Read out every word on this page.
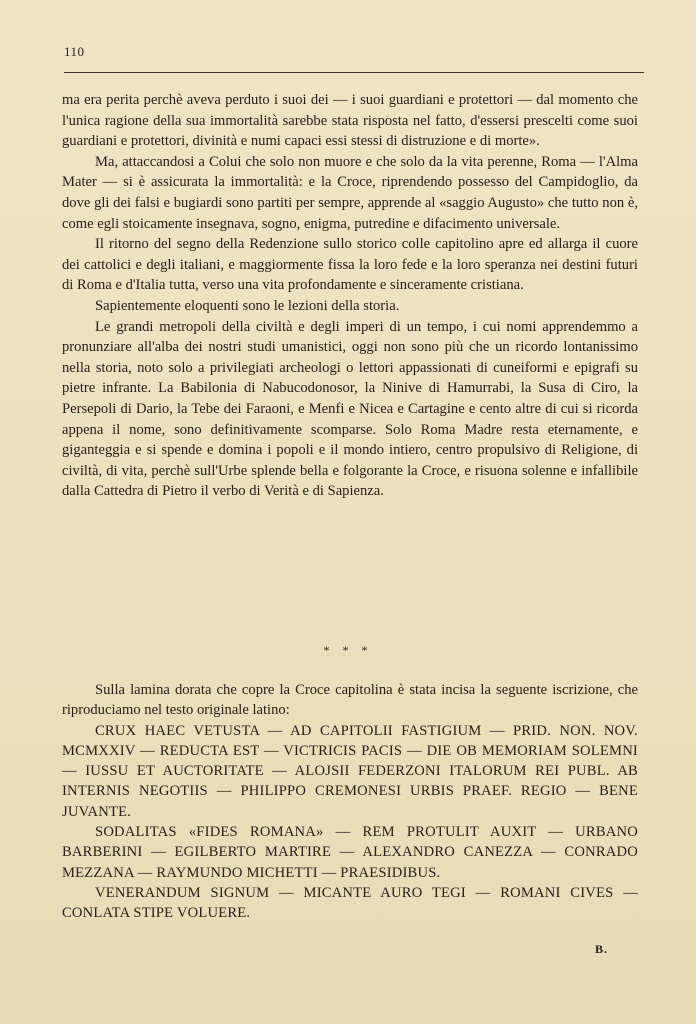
110

ma era perita perchè aveva perduto i suoi dei — i suoi guardiani e protettori — dal momento che l'unica ragione della sua immortalità sarebbe stata risposta nel fatto, d'essersi prescelti come suoi guardiani e protettori, divinità e numi capaci essi stessi di distruzione e di morte».

Ma, attaccandosi a Colui che solo non muore e che solo da la vita perenne, Roma — l'Alma Mater — si è assicurata la immortalità: e la Croce, riprendendo possesso del Campidoglio, da dove gli dei falsi e bugiardi sono partiti per sempre, apprende al «saggio Augusto» che tutto non è, come egli stoicamente insegnava, sogno, enigma, putredine e difacimento universale.

Il ritorno del segno della Redenzione sullo storico colle capitolino apre ed allarga il cuore dei cattolici e degli italiani, e maggiormente fissa la loro fede e la loro speranza nei destini futuri di Roma e d'Italia tutta, verso una vita profondamente e sinceramente cristiana.

Sapientemente eloquenti sono le lezioni della storia.

Le grandi metropoli della civiltà e degli imperi di un tempo, i cui nomi apprendemmo a pronunziare all'alba dei nostri studi umanistici, oggi non sono più che un ricordo lontanissimo nella storia, noto solo a privilegiati archeologi o lettori appassionati di cuneiformi e epigrafi su pietre infrante. La Babilonia di Nabucodonosor, la Ninive di Hamurrabi, la Susa di Ciro, la Persepoli di Dario, la Tebe dei Faraoni, e Menfi e Nicea e Cartagine e cento altre di cui si ricorda appena il nome, sono definitivamente scomparse. Solo Roma Madre resta eternamente, e giganteggia e si spende e domina i popoli e il mondo intiero, centro propulsivo di Religione, di civiltà, di vita, perchè sull'Urbe splende bella e folgorante la Croce, e risuona solenne e infallibile dalla Cattedra di Pietro il verbo di Verità e di Sapienza.

* * *

Sulla lamina dorata che copre la Croce capitolina è stata incisa la seguente iscrizione, che riproduciamo nel testo originale latino:

CRUX HAEC VETUSTA — AD CAPITOLII FASTIGIUM — PRID. NON. NOV. MCMXXIV — REDUCTA EST — VICTRICIS PACIS — DIE OB MEMORIAM SOLEMNI — IUSSU ET AUCTORITATE — ALOJSII FEDERZONI ITALORUM REI PUBL. AB INTERNIS NEGOTIIS — PHILIPPO CREMONESI URBIS PRAEF. REGIO — BENE JUVANTE.

SODALITAS «FIDES ROMANA» — REM PROTULIT AUXIT — URBANO BARBERINI — EGILBERTO MARTIRE — ALEXANDRO CANEZZA — CONRADO MEZZANA — RAYMUNDO MICHETTI — PRAESIDIBUS.

VENERANDUM SIGNUM — MICANTE AURO TEGI — ROMANI CIVES — CONLATA STIPE VOLUERE.

B.
